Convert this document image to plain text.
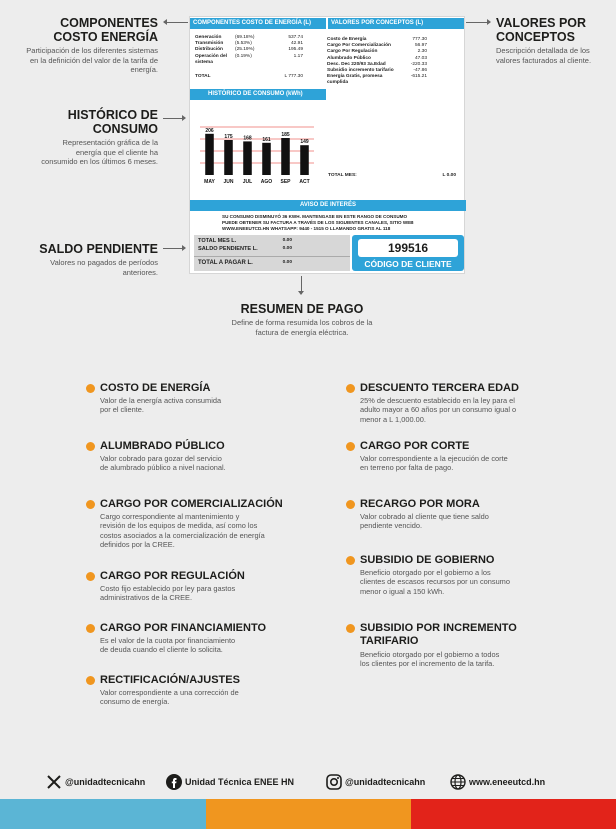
COMPONENTES COSTO ENERGÍA
Participación de los diferentes sistemas en la definición del valor de la tarifa de energía.
VALORES POR CONCEPTOS
Descripción detallada de los valores facturados al cliente.
HISTÓRICO DE CONSUMO
Representación gráfica de la energía que el cliente ha consumido en los últimos 6 meses.
SALDO PENDIENTE
Valores no pagados de períodos anteriores.
RESUMEN DE PAGO
Define de forma resumida los cobros de la factura de energía eléctrica.
COMPONENTES COSTO DE ENERGÍA (L)	VALORES POR CONCEPTOS (L)
Generación	(69.18%)	537.74
Transmisión	(5.53%)	42.91
Distribución	(25.19%)	195.49
Operación del sistema
(0.19%)	1.17
TOTAL	L 777.30
Costo de Energía	777.30
Cargo Por Comercialización	56.97
Cargo Por Regulación	2.30
Alumbrado Público	47.03
Desc. Dec 220/93 3a.Edad	-220.33
Subsidio incremento tarifario	-47.86
Energía Gratis, promesa cumplida
-615.21
HISTÓRICO DE CONSUMO (kWh)
206
MAY
175
JUN
168
JUL
161
AGO
185
SEP
149
ACT
TOTAL MES:	L 0.00
AVISO DE INTERÉS
SU CONSUMO DISMINUYÓ 36 KWH. MANTENGASE EN ESTE RANGO DE CONSUMO
PUEDE OBTENER SU FACTURA A TRAVÉS DE LOS SIGUIENTES CANALES, SITIO WEB
WWW.ENEEUTCD.HN WHATSAPP: 9440 - 1515 O LLAMANDO GRATIS AL 118
TOTAL MES L.	0.00
SALDO PENDIENTE L.	0.00
TOTAL A PAGAR L.	0.00
199516
CÓDIGO DE CLIENTE
COSTO DE ENERGÍA
Valor de la energía activa consumida
por el cliente.
ALUMBRADO PÚBLICO
Valor cobrado para gozar del servicio
de alumbrado público a nivel nacional.
CARGO POR COMERCIALIZACIÓN
Cargo correspondiente al mantenimiento y
revisión de los equipos de medida, así como los
costos asociados a la comercialización de energía
definidos por la CREE.
CARGO POR REGULACIÓN
Costo fijo establecido por ley para gastos
administrativos de la CREE.
CARGO POR FINANCIAMIENTO
Es el valor de la cuota por financiamiento
de deuda cuando el cliente lo solicita.
RECTIFICACIÓN/AJUSTES
Valor correspondiente a una corrección de
consumo de energía.
DESCUENTO TERCERA EDAD
25% de descuento establecido en la ley para el
adulto mayor a 60 años por un consumo igual o
menor a L 1,000.00.
CARGO POR CORTE
Valor correspondiente a la ejecución de corte
en terreno por falta de pago.
RECARGO POR MORA
Valor cobrado al cliente que tiene saldo
pendiente vencido.
SUBSIDIO DE GOBIERNO
Beneficio otorgado por el gobierno a los
clientes de escasos recursos por un consumo
menor o igual a 150 kWh.
SUBSIDIO POR INCREMENTO TARIFARIO
Beneficio otorgado por el gobierno a todos
los clientes por el incremento de la tarifa.
@unidadtecnicahn	Unidad Técnica ENEE HN	@unidadtecnicahn	www.eneeutcd.hn
